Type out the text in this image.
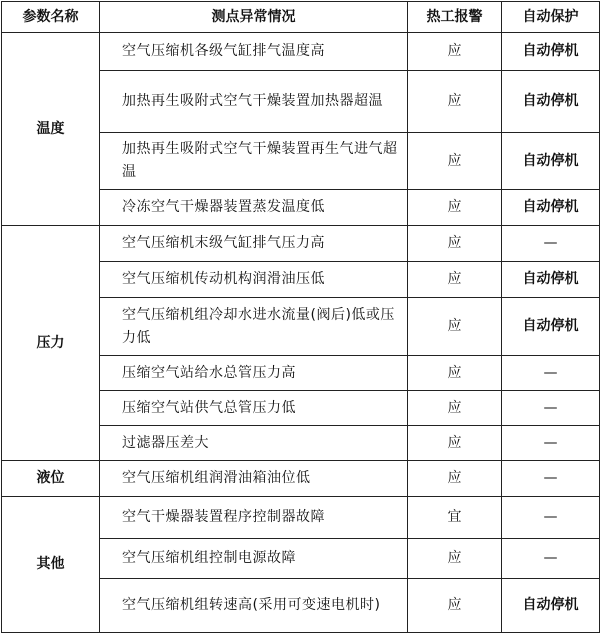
参数名称	测点异常情况	热工报警	自动保护
温度	空气压缩机各级气缸排气温度高	应	自动停机
	加热再生吸附式空气干燥装置加热器超温	应	自动停机
	加热再生吸附式空气干燥装置再生气进气超温	应	自动停机
	冷冻空气干燥器装置蒸发温度低	应	自动停机
压力	空气压缩机末级气缸排气压力高	应	—
	空气压缩机传动机构润滑油压低	应	自动停机
	空气压缩机组冷却水进水流量(阀后)低或压力低	应	自动停机
	压缩空气站给水总管压力高	应	—
	压缩空气站供气总管压力低	应	—
	过滤器压差大	应	—
液位	空气压缩机组润滑油箱油位低	应	—
其他	空气干燥器装置程序控制器故障	宜	—
	空气压缩机组控制电源故障	应	—
	空气压缩机组转速高(采用可变速电机时)	应	自动停机
